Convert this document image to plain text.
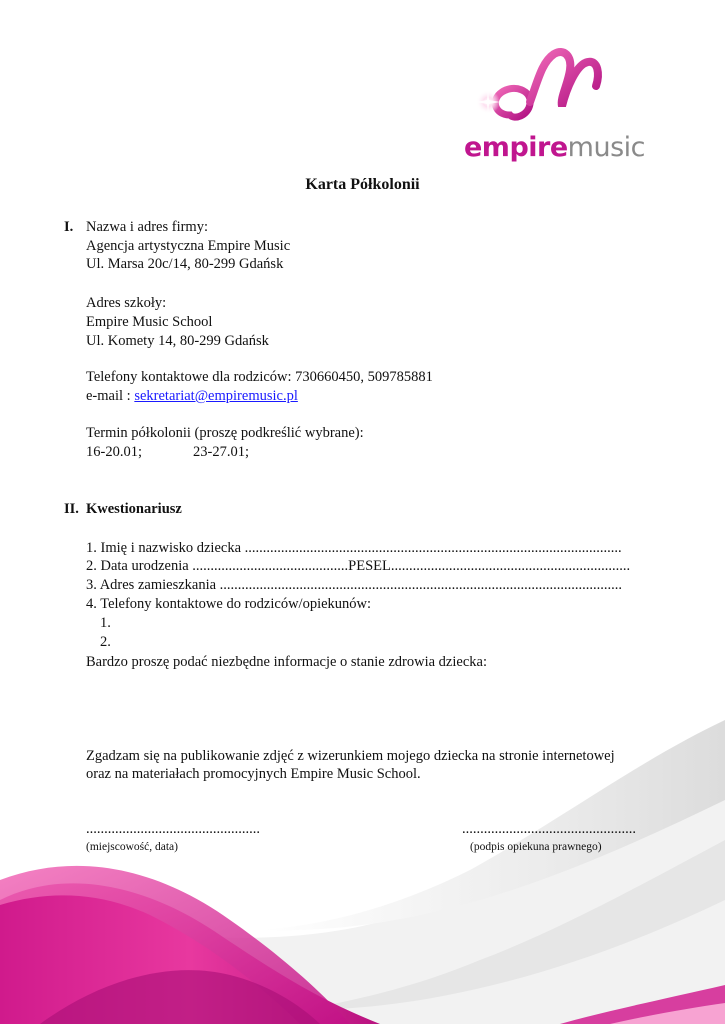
empiremusic
Karta Półkolonii
I. Nazwa i adres firmy:
Agencja artystyczna Empire Music
Ul. Marsa 20c/14, 80-299 Gdańsk
Adres szkoły:
Empire Music School
Ul. Komety 14, 80-299 Gdańsk
Telefony kontaktowe dla rodziców: 730660450, 509785881
e-mail : sekretariat@empiremusic.pl
Termin półkolonii (proszę podkreślić wybrane):
16-20.01;	23-27.01;
II. Kwestionariusz
1. Imię i nazwisko dziecka ........................................................................................................
2. Data urodzenia ...........................................PESEL..................................................................
3. Adres zamieszkania ...............................................................................................................
4. Telefony kontaktowe do rodziców/opiekunów:
1.
2.
Bardzo proszę podać niezbędne informacje o stanie zdrowia dziecka:
Zgadzam się na publikowanie zdjęć z wizerunkiem mojego dziecka na stronie internetowej
oraz na materiałach promocyjnych Empire Music School.
................................................
(miejscowość, data)
................................................
(podpis opiekuna prawnego)
